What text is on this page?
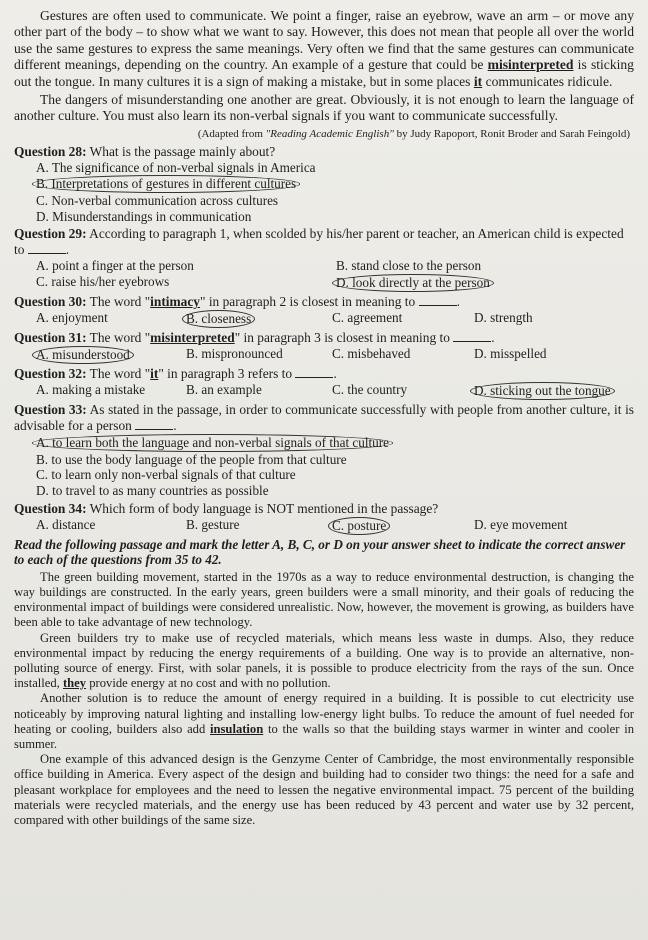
Gestures are often used to communicate. We point a finger, raise an eyebrow, wave an arm – or move any other part of the body – to show what we want to say. However, this does not mean that people all over the world use the same gestures to express the same meanings. Very often we find that the same gestures can communicate different meanings, depending on the country. An example of a gesture that could be misinterpreted is sticking out the tongue. In many cultures it is a sign of making a mistake, but in some places it communicates ridicule.

The dangers of misunderstanding one another are great. Obviously, it is not enough to learn the language of another culture. You must also learn its non-verbal signals if you want to communicate successfully.

(Adapted from "Reading Academic English" by Judy Rapoport, Ronit Broder and Sarah Feingold)

Question 28: What is the passage mainly about?
A. The significance of non-verbal signals in America
B. Interpretations of gestures in different cultures
C. Non-verbal communication across cultures
D. Misunderstandings in communication
Question 29: According to paragraph 1, when scolded by his/her parent or teacher, an American child is expected to	.
A. point a finger at the person	B. stand close to the person
C. raise his/her eyebrows	D. look directly at the person
Question 30: The word "intimacy" in paragraph 2 is closest in meaning to	.
A. enjoyment	B. closeness	C. agreement	D. strength
Question 31: The word "misinterpreted" in paragraph 3 is closest in meaning to	.
A. misunderstood	B. mispronounced	C. misbehaved	D. misspelled
Question 32: The word "it" in paragraph 3 refers to	.
A. making a mistake	B. an example	C. the country	D. sticking out the tongue
Question 33: As stated in the passage, in order to communicate successfully with people from another culture, it is advisable for a person	.
A. to learn both the language and non-verbal signals of that culture
B. to use the body language of the people from that culture
C. to learn only non-verbal signals of that culture
D. to travel to as many countries as possible
Question 34: Which form of body language is NOT mentioned in the passage?
A. distance	B. gesture	C. posture	D. eye movement

Read the following passage and mark the letter A, B, C, or D on your answer sheet to indicate the correct answer to each of the questions from 35 to 42.

The green building movement, started in the 1970s as a way to reduce environmental destruction, is changing the way buildings are constructed. In the early years, green builders were a small minority, and their goals of reducing the environmental impact of buildings were considered unrealistic. Now, however, the movement is growing, as builders have been able to take advantage of new technology.

Green builders try to make use of recycled materials, which means less waste in dumps. Also, they reduce environmental impact by reducing the energy requirements of a building. One way is to provide an alternative, non-polluting source of energy. First, with solar panels, it is possible to produce electricity from the rays of the sun. Once installed, they provide energy at no cost and with no pollution.

Another solution is to reduce the amount of energy required in a building. It is possible to cut electricity use noticeably by improving natural lighting and installing low-energy light bulbs. To reduce the amount of fuel needed for heating or cooling, builders also add insulation to the walls so that the building stays warmer in winter and cooler in summer.

One example of this advanced design is the Genzyme Center of Cambridge, the most environmentally responsible office building in America. Every aspect of the design and building had to consider two things: the need for a safe and pleasant workplace for employees and the need to lessen the negative environmental impact. 75 percent of the building materials were recycled materials, and the energy use has been reduced by 43 percent and water use by 32 percent, compared with other buildings of the same size.
